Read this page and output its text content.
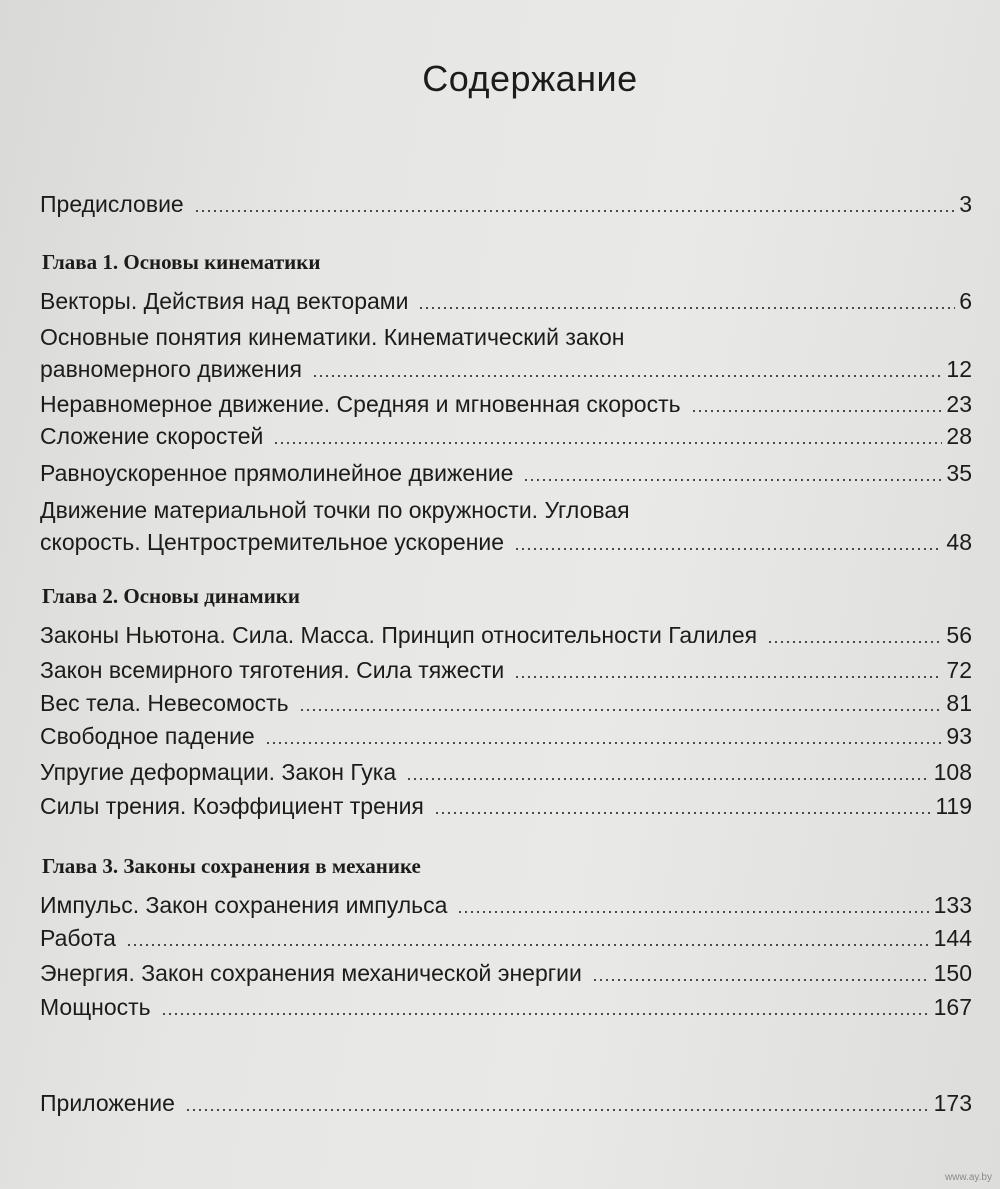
Содержание
Предисловие	3
Глава 1. Основы кинематики
Векторы. Действия над векторами	6
Основные понятия кинематики. Кинематический закон
равномерного движения	12
Неравномерное движение. Средняя и мгновенная скорость	23
Сложение скоростей	28
Равноускоренное прямолинейное движение	35
Движение материальной точки по окружности. Угловая
скорость. Центростремительное ускорение	48
Глава 2. Основы динамики
Законы Ньютона. Сила. Масса. Принцип относительности Галилея	56
Закон всемирного тяготения. Сила тяжести	72
Вес тела. Невесомость	81
Свободное падение	93
Упругие деформации. Закон Гука	108
Силы трения. Коэффициент трения	119
Глава 3. Законы сохранения в механике
Импульс. Закон сохранения импульса	133
Работа	144
Энергия. Закон сохранения механической энергии	150
Мощность	167
Приложение	173
www.ay.by
